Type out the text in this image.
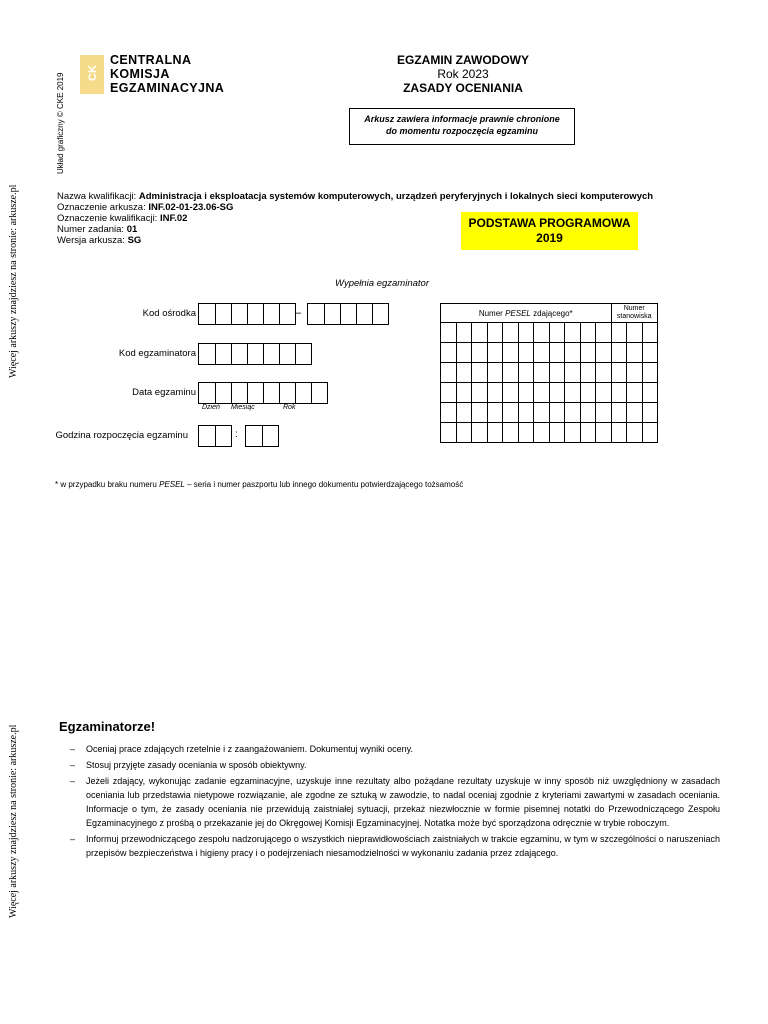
Więcej arkuszy znajdziesz na stronie: arkusze.pl
Więcej arkuszy znajdziesz na stronie: arkusze.pl
Układ graficzny © CKE 2019 CK
CENTRALNA
KOMISJA
EGZAMINACYJNA
EGZAMIN ZAWODOWY
Rok 2023
ZASADY OCENIANIA
Arkusz zawiera informacje prawnie chronione
do momentu rozpoczęcia egzaminu
Nazwa kwalifikacji: Administracja i eksploatacja systemów komputerowych, urządzeń peryferyjnych i lokalnych sieci komputerowych
Oznaczenie arkusza: INF.02-01-23.06-SG
Oznaczenie kwalifikacji: INF.02
Numer zadania: 01
Wersja arkusza: SG
PODSTAWA PROGRAMOWA
2019
Wypełnia egzaminator
Kod ośrodka	–
Kod egzaminatora
Data egzaminu
Dzień Miesiąc	Rok
Godzina rozpoczęcia egzaminu	:
Numer PESEL zdającego*											Numer
stanowiska		

* w przypadku braku numeru PESEL – seria i numer paszportu lub innego dokumentu potwierdzającego tożsamość
Egzaminatorze!
– Oceniaj prace zdających rzetelnie i z zaangażowaniem. Dokumentuj wyniki oceny.
– Stosuj przyjęte zasady oceniania w sposób obiektywny.
– Jeżeli zdający, wykonując zadanie egzaminacyjne, uzyskuje inne rezultaty albo pożądane rezultaty uzyskuje w inny sposób niż uwzględniony w zasadach oceniania lub przedstawia nietypowe rozwiązanie, ale zgodne ze sztuką w zawodzie, to nadal oceniaj zgodnie z kryteriami zawartymi w zasadach oceniania. Informacje o tym, że zasady oceniania nie przewidują zaistniałej sytuacji, przekaż niezwłocznie w formie pisemnej notatki do Przewodniczącego Zespołu Egzaminacyjnego z prośbą o przekazanie jej do Okręgowej Komisji Egzaminacyjnej. Notatka może być sporządzona odręcznie w trybie roboczym.
– Informuj przewodniczącego zespołu nadzorującego o wszystkich nieprawidłowościach zaistniałych w trakcie egzaminu, w tym w szczególności o naruszeniach przepisów bezpieczeństwa i higieny pracy i o podejrzeniach niesamodzielności w wykonaniu zadania przez zdającego.
